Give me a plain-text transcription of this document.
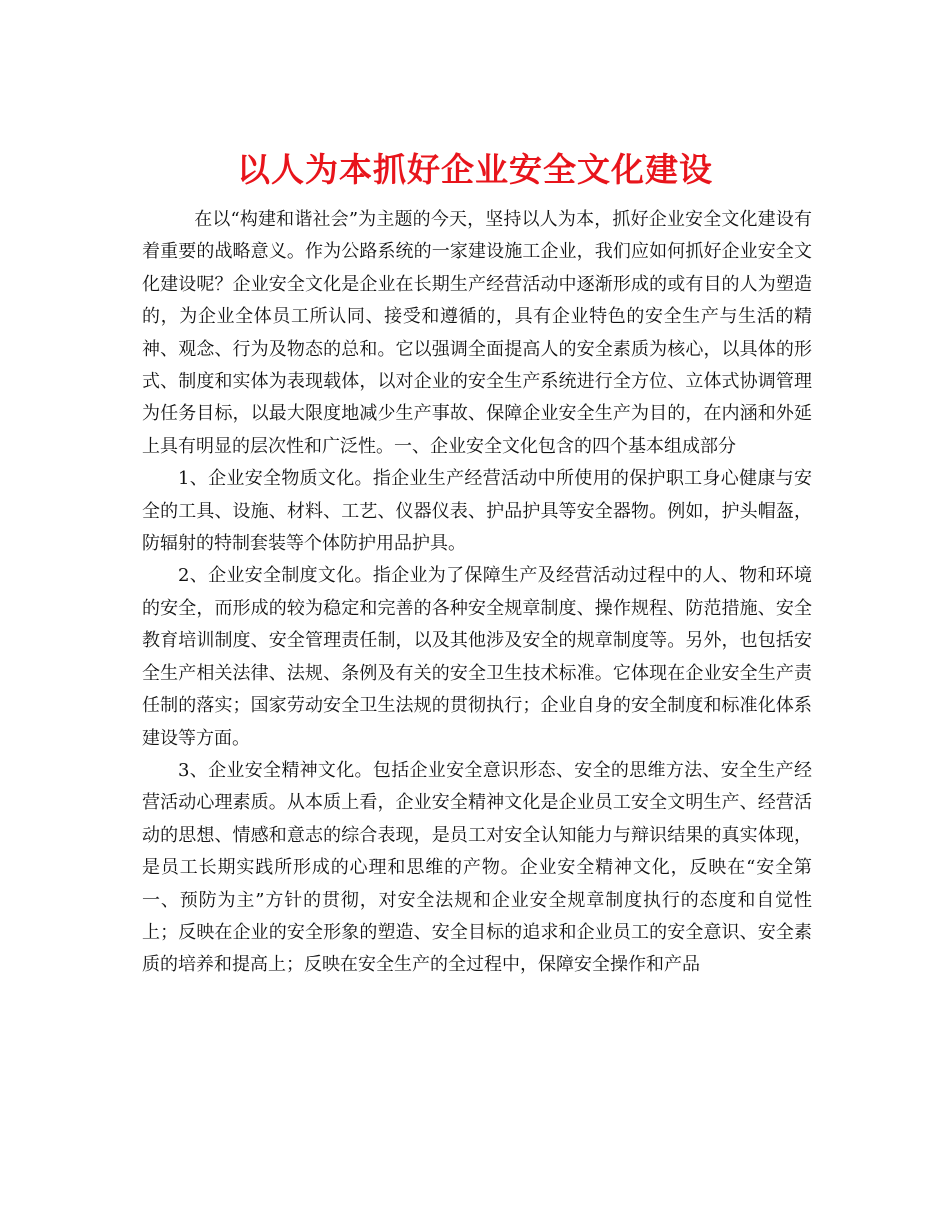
以人为本抓好企业安全文化建设

在以“构建和谐社会”为主题的今天，坚持以人为本，抓好企业安全文化建设有着重要的战略意义。作为公路系统的一家建设施工企业，我们应如何抓好企业安全文化建设呢？企业安全文化是企业在长期生产经营活动中逐渐形成的或有目的人为塑造的，为企业全体员工所认同、接受和遵循的，具有企业特色的安全生产与生活的精神、观念、行为及物态的总和。它以强调全面提高人的安全素质为核心，以具体的形式、制度和实体为表现载体，以对企业的安全生产系统进行全方位、立体式协调管理为任务目标，以最大限度地减少生产事故、保障企业安全生产为目的，在内涵和外延上具有明显的层次性和广泛性。一、企业安全文化包含的四个基本组成部分

1、企业安全物质文化。指企业生产经营活动中所使用的保护职工身心健康与安全的工具、设施、材料、工艺、仪器仪表、护品护具等安全器物。例如，护头帽盔，防辐射的特制套装等个体防护用品护具。

2、企业安全制度文化。指企业为了保障生产及经营活动过程中的人、物和环境的安全，而形成的较为稳定和完善的各种安全规章制度、操作规程、防范措施、安全教育培训制度、安全管理责任制，以及其他涉及安全的规章制度等。另外，也包括安全生产相关法律、法规、条例及有关的安全卫生技术标准。它体现在企业安全生产责任制的落实；国家劳动安全卫生法规的贯彻执行；企业自身的安全制度和标准化体系建设等方面。

3、企业安全精神文化。包括企业安全意识形态、安全的思维方法、安全生产经营活动心理素质。从本质上看，企业安全精神文化是企业员工安全文明生产、经营活动的思想、情感和意志的综合表现，是员工对安全认知能力与辩识结果的真实体现，是员工长期实践所形成的心理和思维的产物。企业安全精神文化，反映在“安全第一、预防为主”方针的贯彻，对安全法规和企业安全规章制度执行的态度和自觉性上；反映在企业的安全形象的塑造、安全目标的追求和企业员工的安全意识、安全素质的培养和提高上；反映在安全生产的全过程中，保障安全操作和产品
